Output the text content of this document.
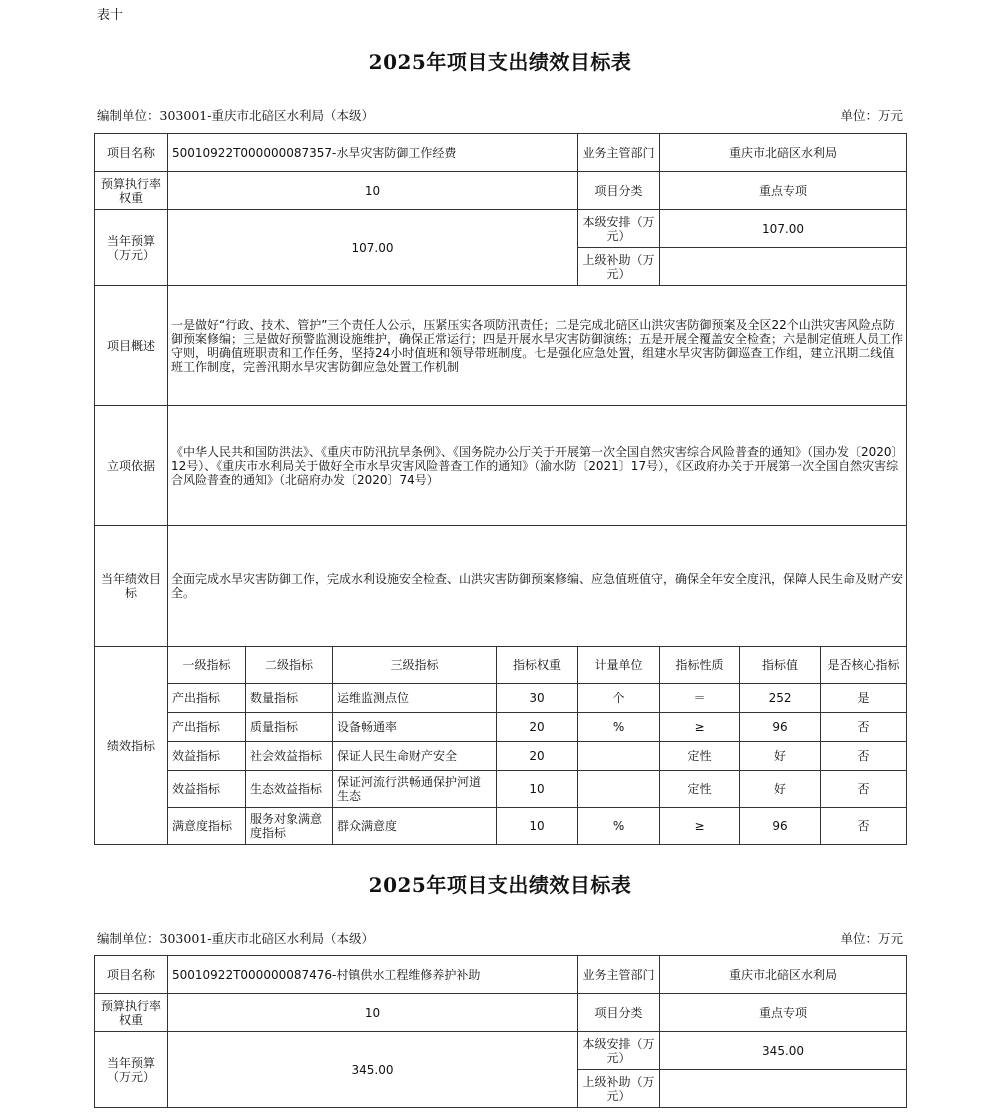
表十
2025年项目支出绩效目标表
编制单位：303001-重庆市北碚区水利局（本级）	单位：万元
项目名称	50010922T000000087357-水旱灾害防御工作经费				业务主管部门	重庆市北碚区水利局		
预算执行率权重	10				项目分类	重点专项		
当年预算（万元）	107.00				本级安排（万元）	107.00		
					上级补助（万元）			
项目概述	一是做好“行政、技术、管护”三个责任人公示，压紧压实各项防汛责任；二是完成北碚区山洪灾害防御预案及全区22个山洪灾害风险点防御预案修编；三是做好预警监测设施维护，确保正常运行；四是开展水旱灾害防御演练；五是开展全覆盖安全检查；六是制定值班人员工作守则，明确值班职责和工作任务，坚持24小时值班和领导带班制度。七是强化应急处置，组建水旱灾害防御巡查工作组，建立汛期二线值班工作制度，完善汛期水旱灾害防御应急处置工作机制							
立项依据	《中华人民共和国防洪法》、《重庆市防汛抗旱条例》、《国务院办公厅关于开展第一次全国自然灾害综合风险普查的通知》（国办发〔2020〕12号）、《重庆市水利局关于做好全市水旱灾害风险普查工作的通知》（渝水防〔2021〕17号），《区政府办关于开展第一次全国自然灾害综合风险普查的通知》（北碚府办发〔2020〕74号）							
当年绩效目标	全面完成水旱灾害防御工作，完成水利设施安全检查、山洪灾害防御预案修编、应急值班值守，确保全年安全度汛，保障人民生命及财产安全。							
绩效指标	一级指标	二级指标	三级指标	指标权重	计量单位	指标性质	指标值	是否核心指标
	产出指标	数量指标	运维监测点位	30	个	＝	252	是
	产出指标	质量指标	设备畅通率	20	%	≥	96	否
	效益指标	社会效益指标	保证人民生命财产安全	20		定性	好	否
	效益指标	生态效益指标	保证河流行洪畅通保护河道生态	10		定性	好	否
	满意度指标	服务对象满意度指标	群众满意度	10	%	≥	96	否
2025年项目支出绩效目标表
编制单位：303001-重庆市北碚区水利局（本级）	单位：万元
项目名称	50010922T000000087476-村镇供水工程维修养护补助	业务主管部门	重庆市北碚区水利局
预算执行率权重	10	项目分类	重点专项
当年预算（万元）	345.00	本级安排（万元）	345.00
		上级补助（万元）	
